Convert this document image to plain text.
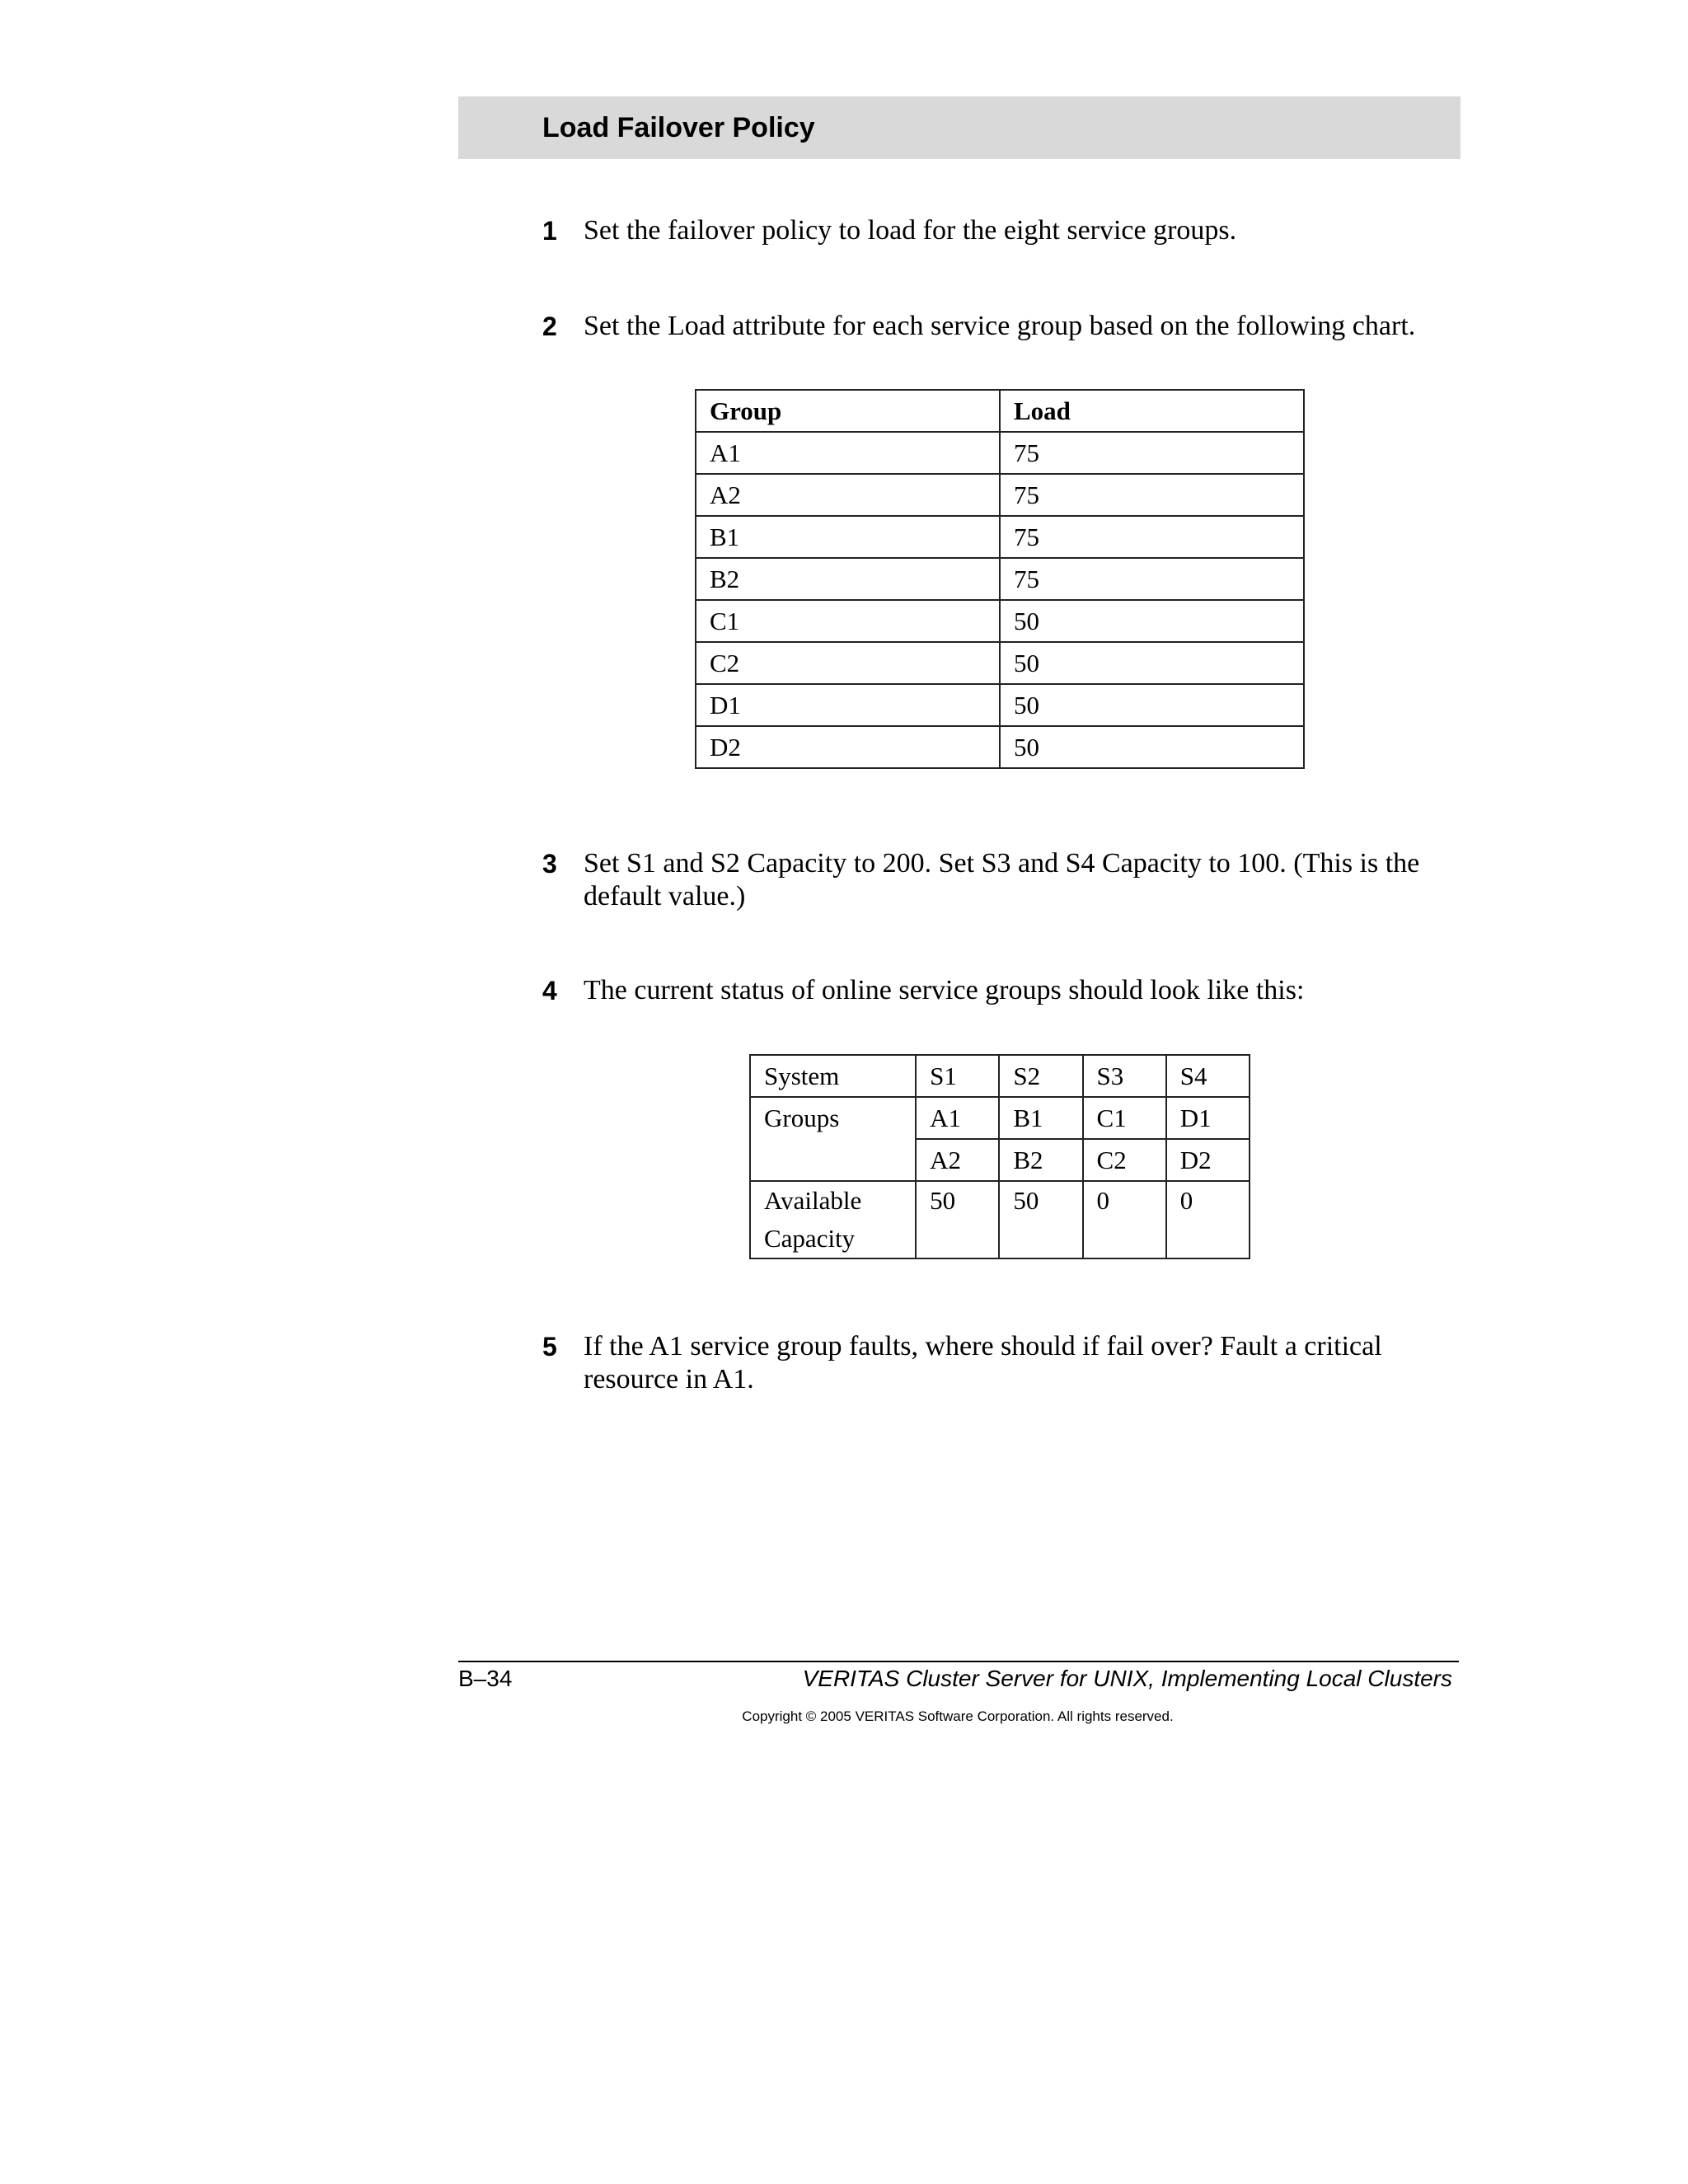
Load Failover Policy
1 Set the failover policy to load for the eight service groups.
2 Set the Load attribute for each service group based on the following chart.
Group	Load
A1	75
A2	75
B1	75
B2	75
C1	50
C2	50
D1	50
D2	50
3 Set S1 and S2 Capacity to 200. Set S3 and S4 Capacity to 100. (This is the default value.)
4 The current status of online service groups should look like this:
System	S1	S2	S3	S4
Groups	A1	B1	C1	D1
	A2	B2	C2	D2
Available
Capacity	50	50	0	0
5 If the A1 service group faults, where should if fail over? Fault a critical resource in A1.
B–34	VERITAS Cluster Server for UNIX, Implementing Local Clusters
Copyright © 2005 VERITAS Software Corporation. All rights reserved.
